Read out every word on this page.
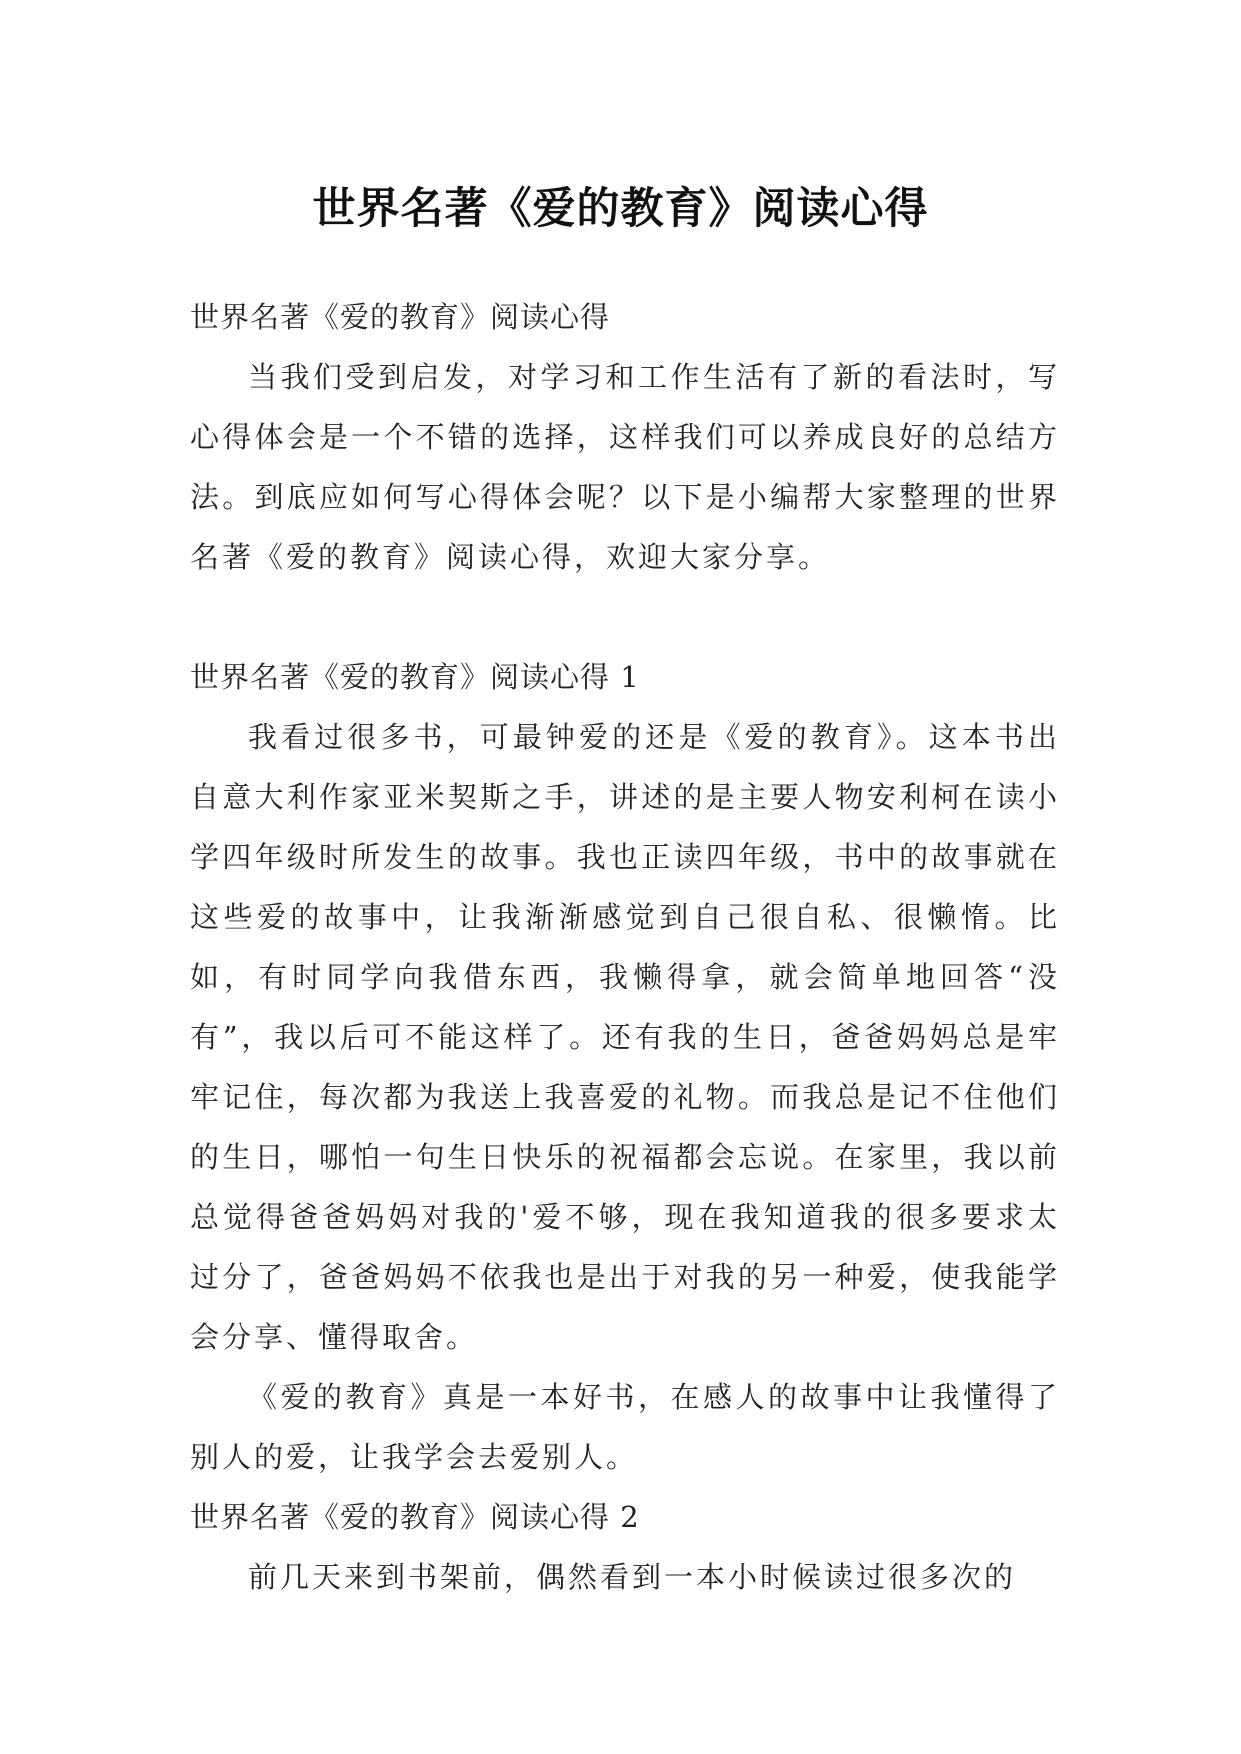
世界名著《爱的教育》阅读心得

世界名著《爱的教育》阅读心得

当我们受到启发，对学习和工作生活有了新的看法时，写心得体会是一个不错的选择，这样我们可以养成良好的总结方法。到底应如何写心得体会呢？以下是小编帮大家整理的世界名著《爱的教育》阅读心得，欢迎大家分享。

世界名著《爱的教育》阅读心得 1

我看过很多书，可最钟爱的还是《爱的教育》。这本书出自意大利作家亚米契斯之手，讲述的是主要人物安利柯在读小学四年级时所发生的故事。我也正读四年级，书中的故事就在这些爱的故事中，让我渐渐感觉到自己很自私、很懒惰。比如，有时同学向我借东西，我懒得拿，就会简单地回答“没有”，我以后可不能这样了。还有我的生日，爸爸妈妈总是牢牢记住，每次都为我送上我喜爱的礼物。而我总是记不住他们的生日，哪怕一句生日快乐的祝福都会忘说。在家里，我以前总觉得爸爸妈妈对我的'爱不够，现在我知道我的很多要求太过分了，爸爸妈妈不依我也是出于对我的另一种爱，使我能学会分享、懂得取舍。

《爱的教育》真是一本好书，在感人的故事中让我懂得了别人的爱，让我学会去爱别人。

世界名著《爱的教育》阅读心得 2

前几天来到书架前，偶然看到一本小时候读过很多次的
